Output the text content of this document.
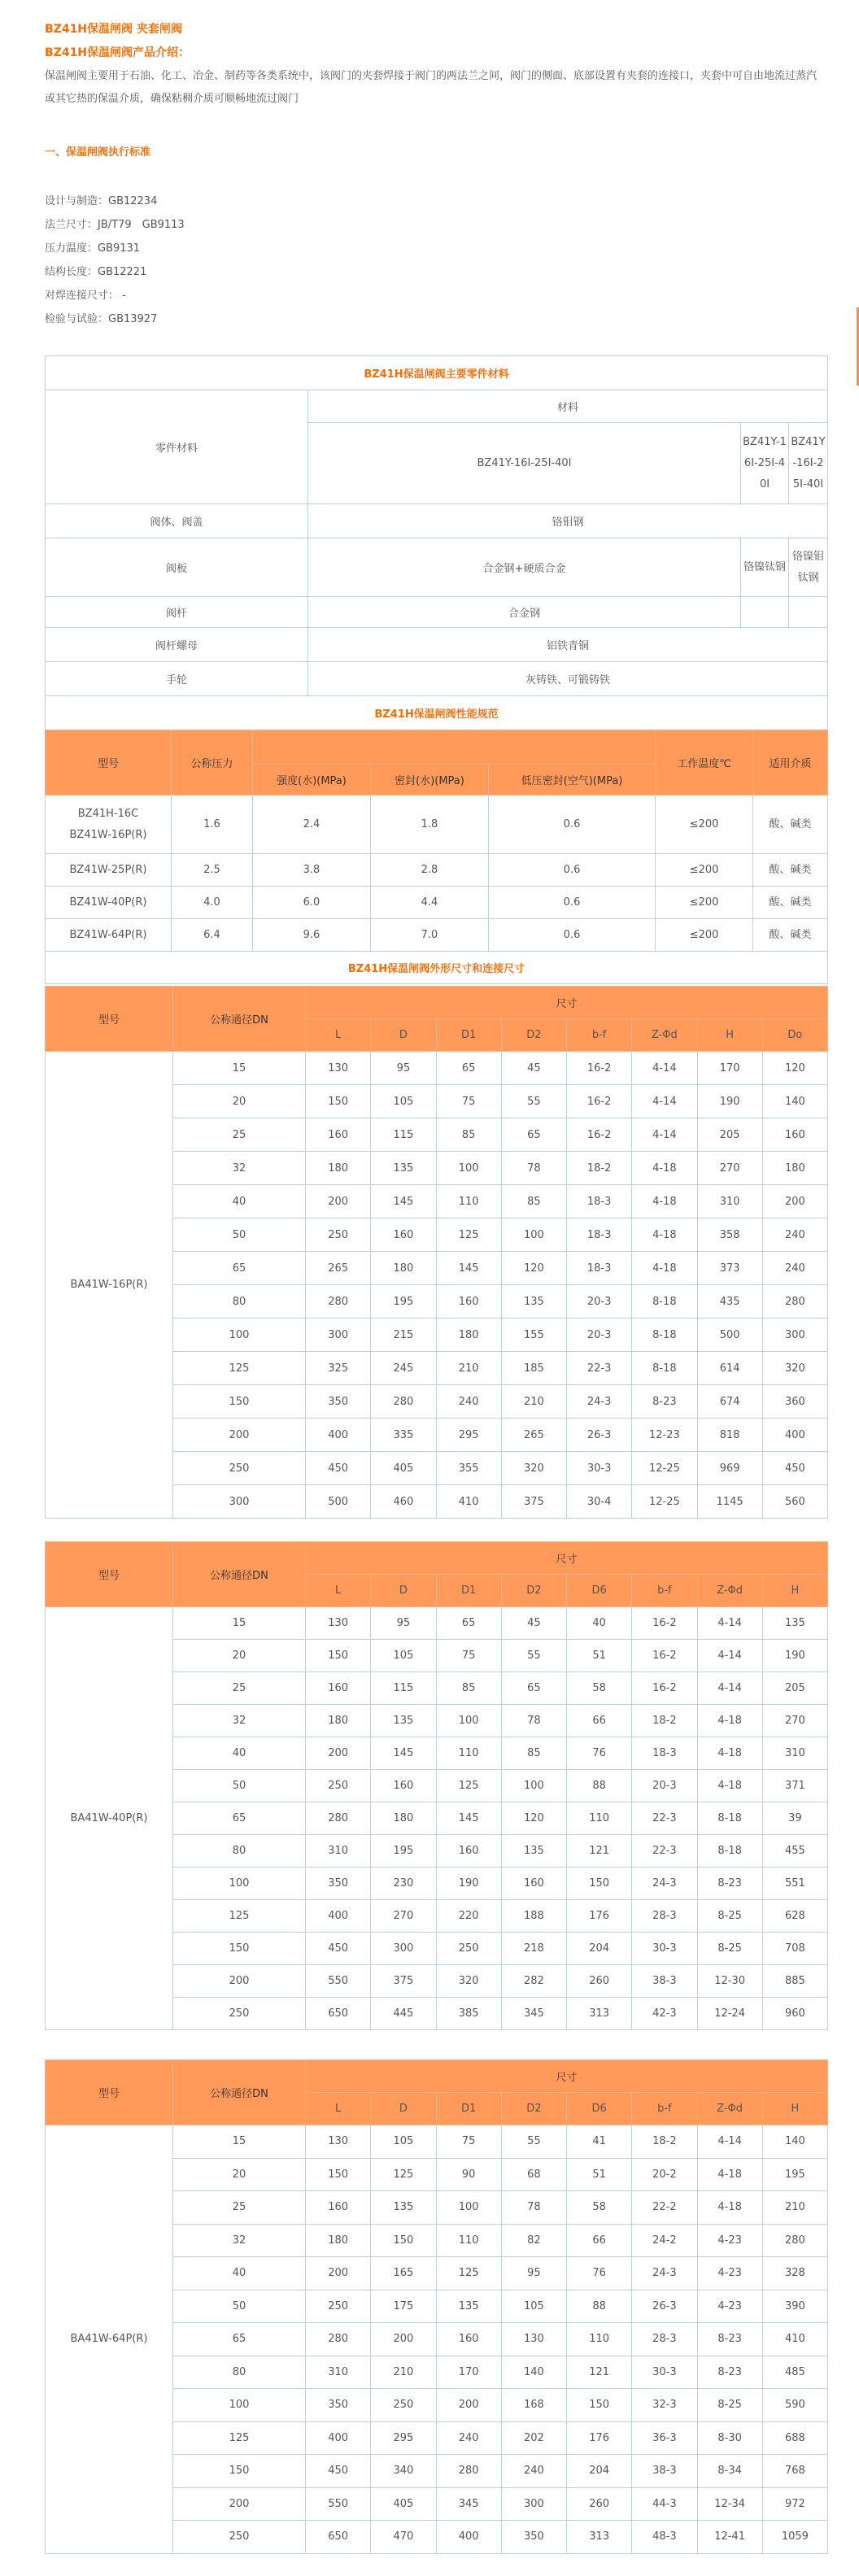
BZ41H保温闸阀 夹套闸阀
BZ41H保温闸阀产品介绍：
保温闸阀主要用于石油、化工、冶金、制药等各类系统中，该阀门的夹套焊接于阀门的两法兰之间，阀门的侧面、底部设置有夹套的连接口，夹套中可自由地流过蒸汽或其它热的保温介质，确保粘稠介质可顺畅地流过阀门
一、保温闸阀执行标准
设计与制造：GB12234
法兰尺寸：JB/T79　GB9113
压力温度：GB9131
结构长度：GB12221
对焊连接尺寸： -
检验与试验：GB13927
BZ41H保温闸阀主要零件材料			
零件材料	材料		
	BZ41Y-16I-25I-40I	BZ41Y-16I-25I-40I	BZ41Y-16I-25I-40I
阀体、阀盖	铬钼钢		
阀板	合金钢+硬质合金	铬镍钛钢	铬镍钼钛钢
阀杆	合金钢		
阀杆螺母	铝铁青铜		
手轮	灰铸铁、可锻铸铁		
BZ41H保温闸阀性能规范			
型号	公称压力				工作温度℃	适用介质
		强度(水)(MPa)	密封(水)(MPa)	低压密封(空气)(MPa)		
BZ41H-16C
BZ41W-16P(R)	1.6	2.4	1.8	0.6	≤200	酸、碱类
BZ41W-25P(R)	2.5	3.8	2.8	0.6	≤200	酸、碱类
BZ41W-40P(R)	4.0	6.0	4.4	0.6	≤200	酸、碱类
BZ41W-64P(R)	6.4	9.6	7.0	0.6	≤200	酸、碱类
BZ41H保温闸阀外形尺寸和连接尺寸						
型号	公称通径DN	尺寸							
		L	D	D1	D2	b-f	Z-Φd	H	Do
BA41W-16P(R)	15	130	95	65	45	16-2	4-14	170	120
	20	150	105	75	55	16-2	4-14	190	140
	25	160	115	85	65	16-2	4-14	205	160
	32	180	135	100	78	18-2	4-18	270	180
	40	200	145	110	85	18-3	4-18	310	200
	50	250	160	125	100	18-3	4-18	358	240
	65	265	180	145	120	18-3	4-18	373	240
	80	280	195	160	135	20-3	8-18	435	280
	100	300	215	180	155	20-3	8-18	500	300
	125	325	245	210	185	22-3	8-18	614	320
	150	350	280	240	210	24-3	8-23	674	360
	200	400	335	295	265	26-3	12-23	818	400
	250	450	405	355	320	30-3	12-25	969	450
	300	500	460	410	375	30-4	12-25	1145	560
型号	公称通径DN	尺寸							
		L	D	D1	D2	D6	b-f	Z-Φd	H
BA41W-40P(R)	15	130	95	65	45	40	16-2	4-14	135
	20	150	105	75	55	51	16-2	4-14	190
	25	160	115	85	65	58	16-2	4-14	205
	32	180	135	100	78	66	18-2	4-18	270
	40	200	145	110	85	76	18-3	4-18	310
	50	250	160	125	100	88	20-3	4-18	371
	65	280	180	145	120	110	22-3	8-18	39
	80	310	195	160	135	121	22-3	8-18	455
	100	350	230	190	160	150	24-3	8-23	551
	125	400	270	220	188	176	28-3	8-25	628
	150	450	300	250	218	204	30-3	8-25	708
	200	550	375	320	282	260	38-3	12-30	885
	250	650	445	385	345	313	42-3	12-24	960
型号	公称通径DN	尺寸							
		L	D	D1	D2	D6	b-f	Z-Φd	H
BA41W-64P(R)	15	130	105	75	55	41	18-2	4-14	140
	20	150	125	90	68	51	20-2	4-18	195
	25	160	135	100	78	58	22-2	4-18	210
	32	180	150	110	82	66	24-2	4-23	280
	40	200	165	125	95	76	24-3	4-23	328
	50	250	175	135	105	88	26-3	4-23	390
	65	280	200	160	130	110	28-3	8-23	410
	80	310	210	170	140	121	30-3	8-23	485
	100	350	250	200	168	150	32-3	8-25	590
	125	400	295	240	202	176	36-3	8-30	688
	150	450	340	280	240	204	38-3	8-34	768
	200	550	405	345	300	260	44-3	12-34	972
	250	650	470	400	350	313	48-3	12-41	1059
